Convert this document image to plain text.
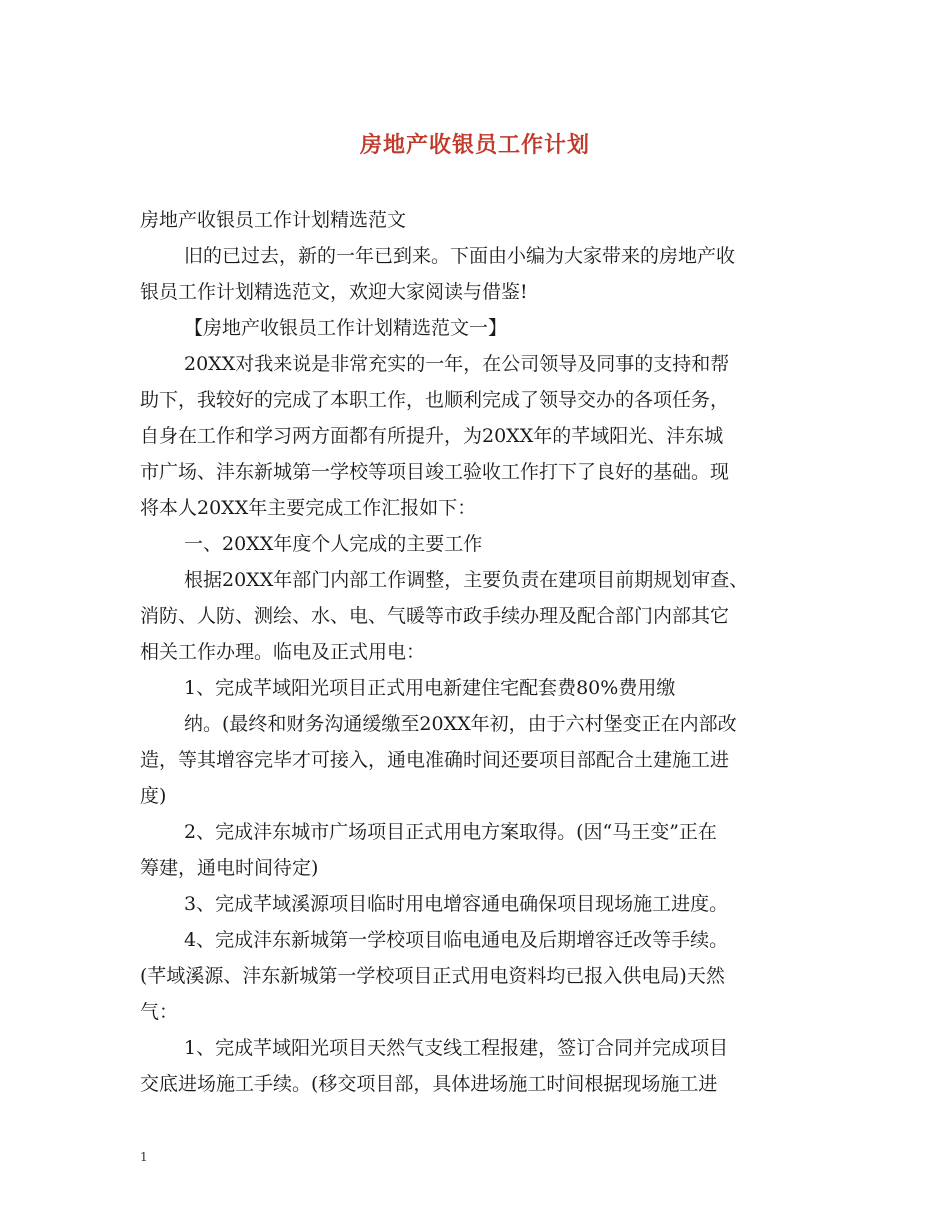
房地产收银员工作计划
房地产收银员工作计划精选范文
旧的已过去，新的一年已到来。下面由小编为大家带来的房地产收
银员工作计划精选范文，欢迎大家阅读与借鉴!
【房地产收银员工作计划精选范文一】
20XX对我来说是非常充实的一年，在公司领导及同事的支持和帮
助下，我较好的完成了本职工作，也顺利完成了领导交办的各项任务，
自身在工作和学习两方面都有所提升，为20XX年的芊域阳光、沣东城
市广场、沣东新城第一学校等项目竣工验收工作打下了良好的基础。现
将本人20XX年主要完成工作汇报如下：
一、20XX年度个人完成的主要工作
根据20XX年部门内部工作调整，主要负责在建项目前期规划审查、
消防、人防、测绘、水、电、气暖等市政手续办理及配合部门内部其它
相关工作办理。临电及正式用电：
1、完成芊域阳光项目正式用电新建住宅配套费80%费用缴
纳。(最终和财务沟通缓缴至20XX年初，由于六村堡变正在内部改
造，等其增容完毕才可接入，通电准确时间还要项目部配合土建施工进
度)
2、完成沣东城市广场项目正式用电方案取得。(因“马王变”正在
筹建，通电时间待定)
3、完成芊域溪源项目临时用电增容通电确保项目现场施工进度。
4、完成沣东新城第一学校项目临电通电及后期增容迁改等手续。
(芊域溪源、沣东新城第一学校项目正式用电资料均已报入供电局)天然
气：
1、完成芊域阳光项目天然气支线工程报建，签订合同并完成项目
交底进场施工手续。(移交项目部，具体进场施工时间根据现场施工进
1
